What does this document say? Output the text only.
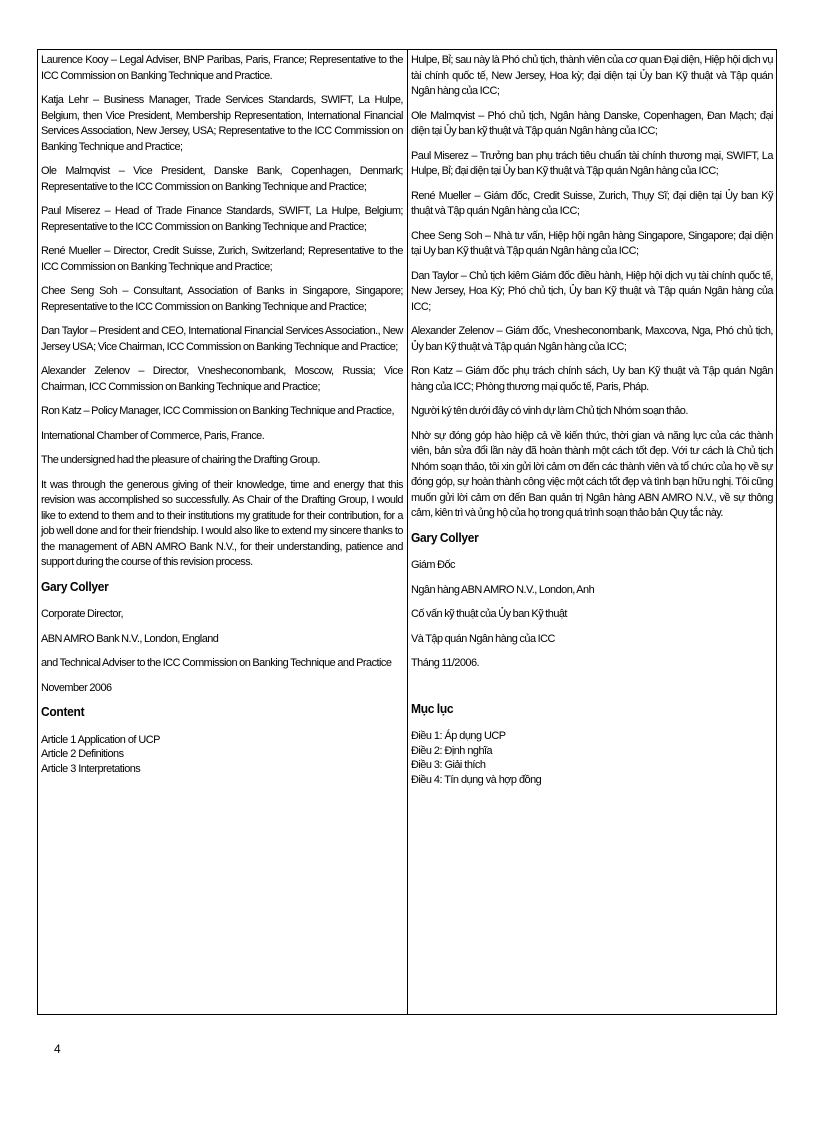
Laurence Kooy – Legal Adviser, BNP Paribas, Paris, France; Representative to the ICC Commission on Banking Technique and Practice.

Katja Lehr – Business Manager, Trade Services Standards, SWIFT, La Hulpe, Belgium, then Vice President, Membership Representation, International Financial Services Association, New Jersey, USA; Representative to the ICC Commission on Banking Technique and Practice;

Ole Malmqvist – Vice President, Danske Bank, Copenhagen, Denmark; Representative to the ICC Commission on Banking Technique and Practice;

Paul Miserez – Head of Trade Finance Standards, SWIFT, La Hulpe, Belgium; Representative to the ICC Commission on Banking Technique and Practice;

René Mueller – Director, Credit Suisse, Zurich, Switzerland; Representative to the ICC Commission on Banking Technique and Practice;

Chee Seng Soh – Consultant, Association of Banks in Singapore, Singapore; Representative to the ICC Commission on Banking Technique and Practice;

Dan Taylor – President and CEO, International Financial Services Association., New Jersey USA; Vice Chairman, ICC Commission on Banking Technique and Practice;

Alexander Zelenov – Director, Vnesheconombank, Moscow, Russia; Vice Chairman, ICC Commission on Banking Technique and Practice;

Ron Katz – Policy Manager, ICC Commission on Banking Technique and Practice,

International Chamber of Commerce, Paris, France.

The undersigned had the pleasure of chairing the Drafting Group.

It was through the generous giving of their knowledge, time and energy that this revision was accomplished so successfully. As Chair of the Drafting Group, I would like to extend to them and to their institutions my gratitude for their contribution, for a job well done and for their friendship. I would also like to extend my sincere thanks to the management of ABN AMRO Bank N.V., for their understanding, patience and support during the course of this revision process.

Gary Collyer

Corporate Director,

ABN AMRO Bank N.V., London, England

and Technical Adviser to the ICC Commission on Banking Technique and Practice

November 2006

Content

Article 1 Application of UCP
Article 2 Definitions
Article 3 Interpretations

Hulpe, Bỉ; sau này là Phó chủ tịch, thành viên của cơ quan Đại diện, Hiệp hội dịch vụ tài chính quốc tế, New Jersey, Hoa kỳ; đại diện tại Ủy ban Kỹ thuật và Tập quán Ngân hàng của ICC;

Ole Malmqvist – Phó chủ tịch, Ngân hàng Danske, Copenhagen, Đan Mạch; đại diện tại Ủy ban kỹ thuật và Tập quán Ngân hàng của ICC;

Paul Miserez – Trưởng ban phụ trách tiêu chuẩn tài chính thương mại, SWIFT, La Hulpe, Bỉ; đại diện tại Ủy ban Kỹ thuật và Tập quán Ngân hàng của ICC;

René Mueller – Giám đốc, Credit Suisse, Zurich, Thụy Sĩ; đại diện tại Ủy ban Kỹ thuật và Tập quán Ngân hàng của ICC;

Chee Seng Soh – Nhà tư vấn, Hiệp hội ngân hàng Singapore, Singapore; đại diện tại Uy ban Kỹ thuật và Tập quán Ngân hàng của ICC;

Dan Taylor – Chủ tịch kiêm Giám đốc điều hành, Hiệp hội dịch vụ tài chính quốc tế, New Jersey, Hoa Kỳ; Phó chủ tịch, Ủy ban Kỹ thuật và Tập quán Ngân hàng của ICC;

Alexander Zelenov – Giám đốc, Vnesheconombank, Maxcơva, Nga, Phó chủ tịch, Ủy ban Kỹ thuật và Tập quán Ngân hàng của ICC;

Ron Katz – Giám đốc phụ trách chính sách, Uy ban Kỹ thuật và Tập quán Ngân hàng của ICC; Phòng thương mại quốc tế, Paris, Pháp.

Người ký tên dưới đây có vinh dự làm Chủ tịch Nhóm soạn thảo.

Nhờ sự đóng góp hào hiệp cả về kiến thức, thời gian và năng lực của các thành viên, bản sửa đổi lần này đã hoàn thành một cách tốt đẹp. Với tư cách là Chủ tịch Nhóm soạn thảo, tôi xin gửi lời cảm ơn đến các thành viên và tổ chức của họ về sự đóng góp, sự hoàn thành công việc một cách tốt đẹp và tình bạn hữu nghị. Tôi cũng muốn gửi lời cảm ơn đến Ban quản trị Ngân hàng ABN AMRO N.V., về sự thông cảm, kiên trì và ủng hộ của họ trong quá trình soạn thảo bản Quy tắc này.

Gary Collyer

Giám Đốc

Ngân hàng ABN AMRO N.V., London, Anh

Cố vấn kỹ thuật của Ủy ban Kỹ thuật

Và Tập quán Ngân hàng của ICC

Tháng 11/2006.

Mục lục

Điều 1: Áp dụng UCP
Điều 2: Định nghĩa
Điều 3: Giải thích
Điều 4: Tín dụng và hợp đồng
4
